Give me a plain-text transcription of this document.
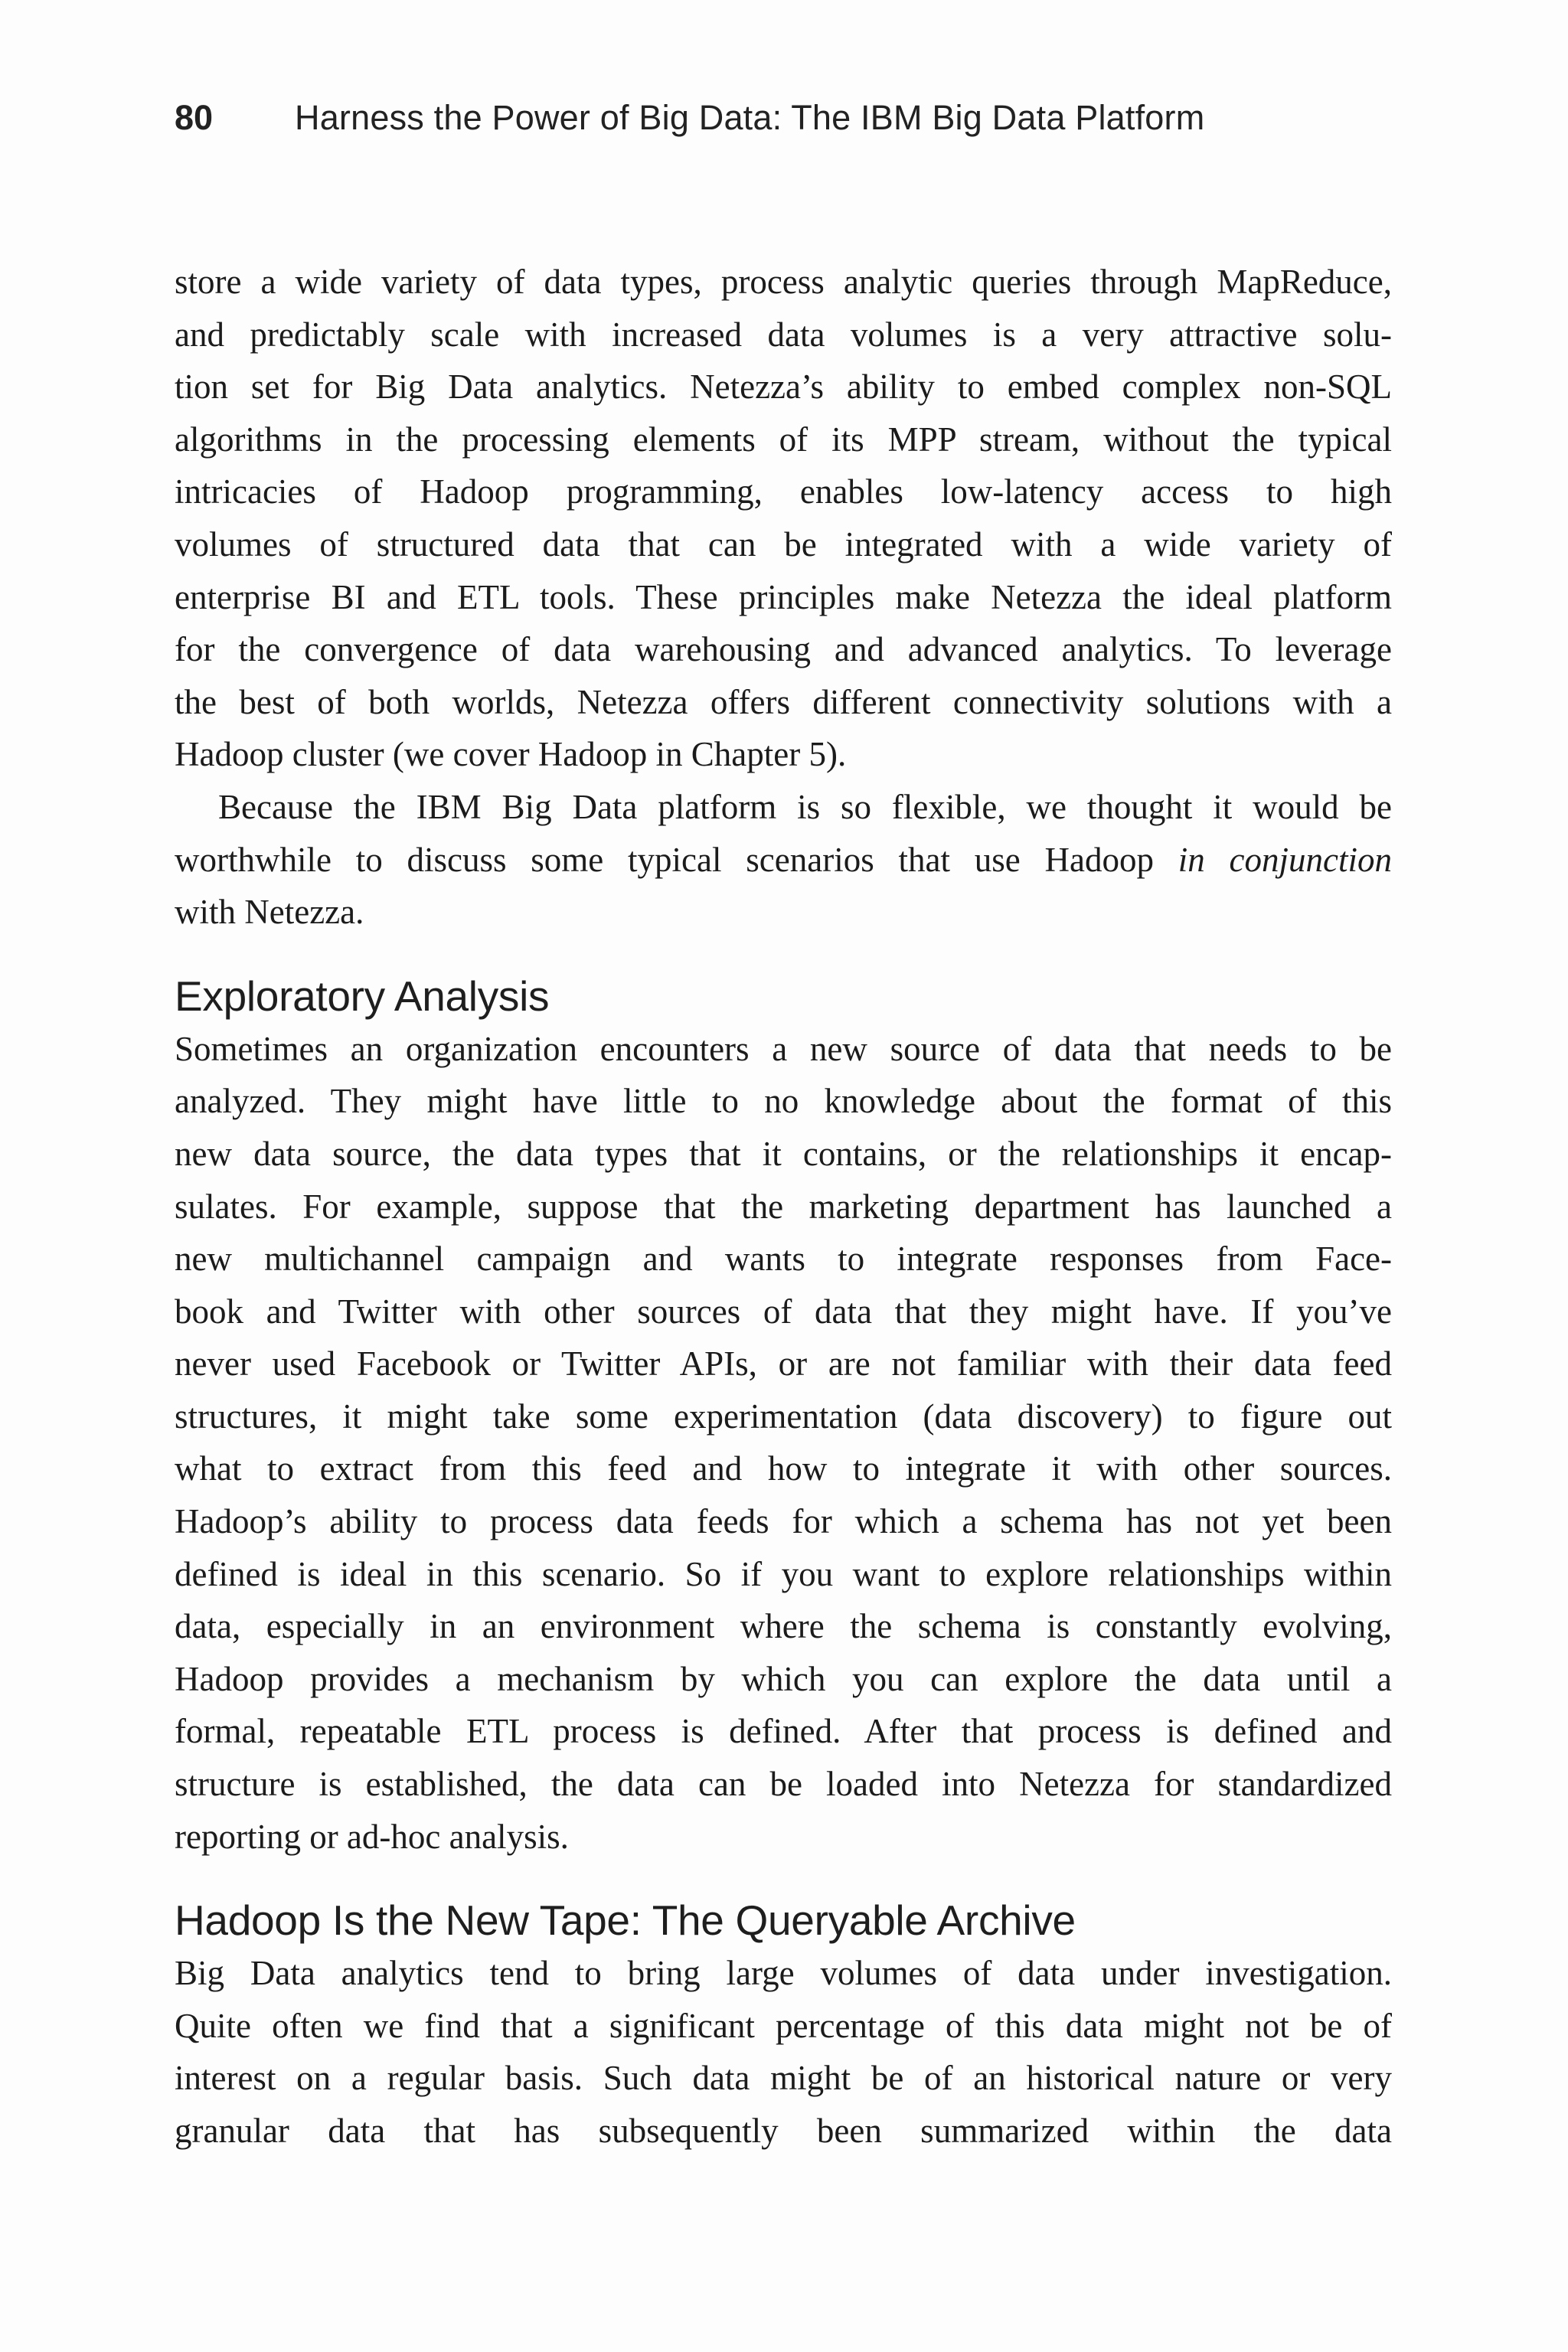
80	Harness the Power of Big Data: The IBM Big Data Platform

store a wide variety of data types, process analytic queries through MapReduce,
and predictably scale with increased data volumes is a very attractive solu-
tion set for Big Data analytics. Netezza’s ability to embed complex non-SQL
algorithms in the processing elements of its MPP stream, without the typical
intricacies of Hadoop programming, enables low-latency access to high
volumes of structured data that can be integrated with a wide variety of
enterprise BI and ETL tools. These principles make Netezza the ideal platform
for the convergence of data warehousing and advanced analytics. To leverage
the best of both worlds, Netezza offers different connectivity solutions with a
Hadoop cluster (we cover Hadoop in Chapter 5).

Because the IBM Big Data platform is so flexible, we thought it would be
worthwhile to discuss some typical scenarios that use Hadoop in conjunction
with Netezza.

Exploratory Analysis

Sometimes an organization encounters a new source of data that needs to be
analyzed. They might have little to no knowledge about the format of this
new data source, the data types that it contains, or the relationships it encap-
sulates. For example, suppose that the marketing department has launched a
new multichannel campaign and wants to integrate responses from Face-
book and Twitter with other sources of data that they might have. If you’ve
never used Facebook or Twitter APIs, or are not familiar with their data feed
structures, it might take some experimentation (data discovery) to figure out
what to extract from this feed and how to integrate it with other sources.
Hadoop’s ability to process data feeds for which a schema has not yet been
defined is ideal in this scenario. So if you want to explore relationships within
data, especially in an environment where the schema is constantly evolving,
Hadoop provides a mechanism by which you can explore the data until a
formal, repeatable ETL process is defined. After that process is defined and
structure is established, the data can be loaded into Netezza for standardized
reporting or ad-hoc analysis.

Hadoop Is the New Tape: The Queryable Archive

Big Data analytics tend to bring large volumes of data under investigation.
Quite often we find that a significant percentage of this data might not be of
interest on a regular basis. Such data might be of an historical nature or very
granular data that has subsequently been summarized within the data
